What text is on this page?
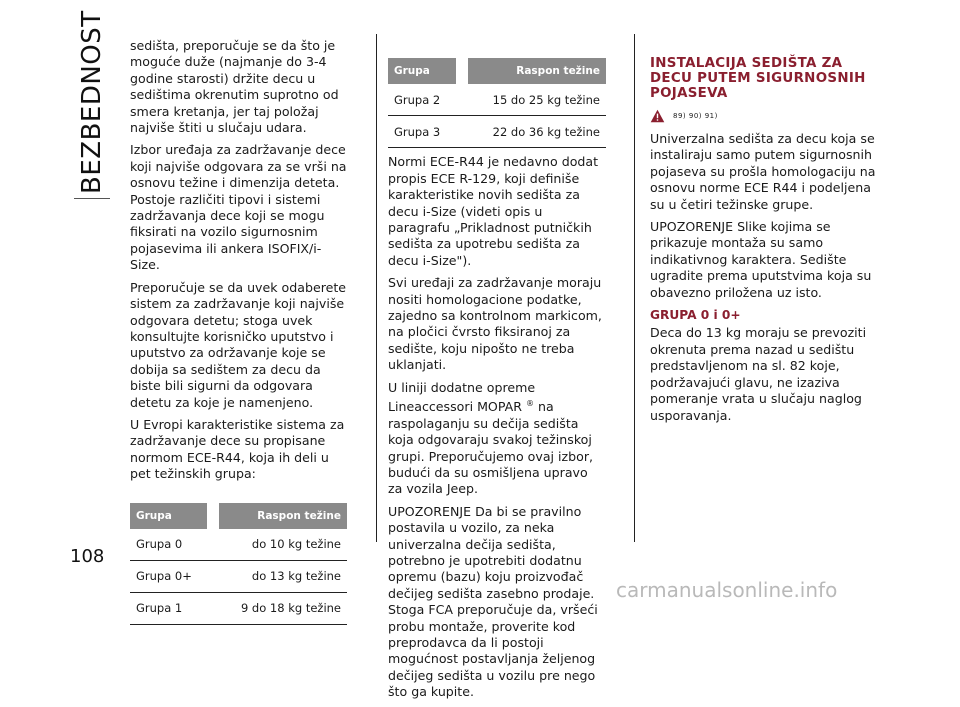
BEZBEDNOST sedišta, preporučuje se da što je moguće duže (najmanje do 3-4 godine starosti) držite decu u sedištima okrenutim suprotno od smera kretanja, jer taj položaj najviše štiti u slučaju udara.

Izbor uređaja za zadržavanje dece koji najviše odgovara za se vrši na osnovu težine i dimenzija deteta. Postoje različiti tipovi i sistemi zadržavanja dece koji se mogu fiksirati na vozilo sigurnosnim pojasevima ili ankera ISOFIX/i-Size.

Preporučuje se da uvek odaberete sistem za zadržavanje koji najviše odgovara detetu; stoga uvek konsultujte korisničko uputstvo i uputstvo za održavanje koje se dobija sa sedištem za decu da biste bili sigurni da odgovara detetu za koje je namenjeno.

U Evropi karakteristike sistema za zadržavanje dece su propisane normom ECE-R44, koja ih deli u pet težinskih grupa:

Grupa		Raspon težine
Grupa 0		do 10 kg težine
Grupa 0+		do 13 kg težine
Grupa 1		9 do 18 kg težine
Grupa		Raspon težine
Grupa 2		15 do 25 kg težine
Grupa 3		22 do 36 kg težine

Normi ECE-R44 je nedavno dodat propis ECE R-129, koji definiše karakteristike novih sedišta za decu i-Size (videti opis u paragrafu „Prikladnost putničkih sedišta za upotrebu sedišta za decu i-Size").

Svi uređaji za zadržavanje moraju nositi homologacione podatke, zajedno sa kontrolnom markicom, na pločici čvrsto fiksiranoj za sedište, koju nipošto ne treba uklanjati.

U liniji dodatne opreme Lineaccessori MOPAR ® na raspolaganju su dečija sedišta koja odgovaraju svakoj težinskoj grupi. Preporučujemo ovaj izbor, budući da su osmišljena upravo za vozila Jeep.

UPOZORENJE Da bi se pravilno postavila u vozilo, za neka univerzalna dečija sedišta, potrebno je upotrebiti dodatnu opremu (bazu) koju proizvođač dečijeg sedišta zasebno prodaje. Stoga FCA preporučuje da, vršeći probu montaže, proverite kod preprodavca da li postoji mogućnost postavljanja željenog dečijeg sedišta u vozilu pre nego što ga kupite.

INSTALACIJA SEDIŠTA ZA
DECU PUTEM SIGURNOSNIH
POJASEVA
89) 90) 91)

Univerzalna sedišta za decu koja se instaliraju samo putem sigurnosnih pojaseva su prošla homologaciju na osnovu norme ECE R44 i podeljena su u četiri težinske grupe.

UPOZORENJE Slike kojima se prikazuje montaža su samo indikativnog karaktera. Sedište ugradite prema uputstvima koja su obavezno priložena uz isto.

GRUPA 0 i 0+

Deca do 13 kg moraju se prevoziti okrenuta prema nazad u sedištu predstavljenom na sl. 82 koje, podržavajući glavu, ne izaziva pomeranje vrata u slučaju naglog usporavanja.

108
carmanualsonline.info
